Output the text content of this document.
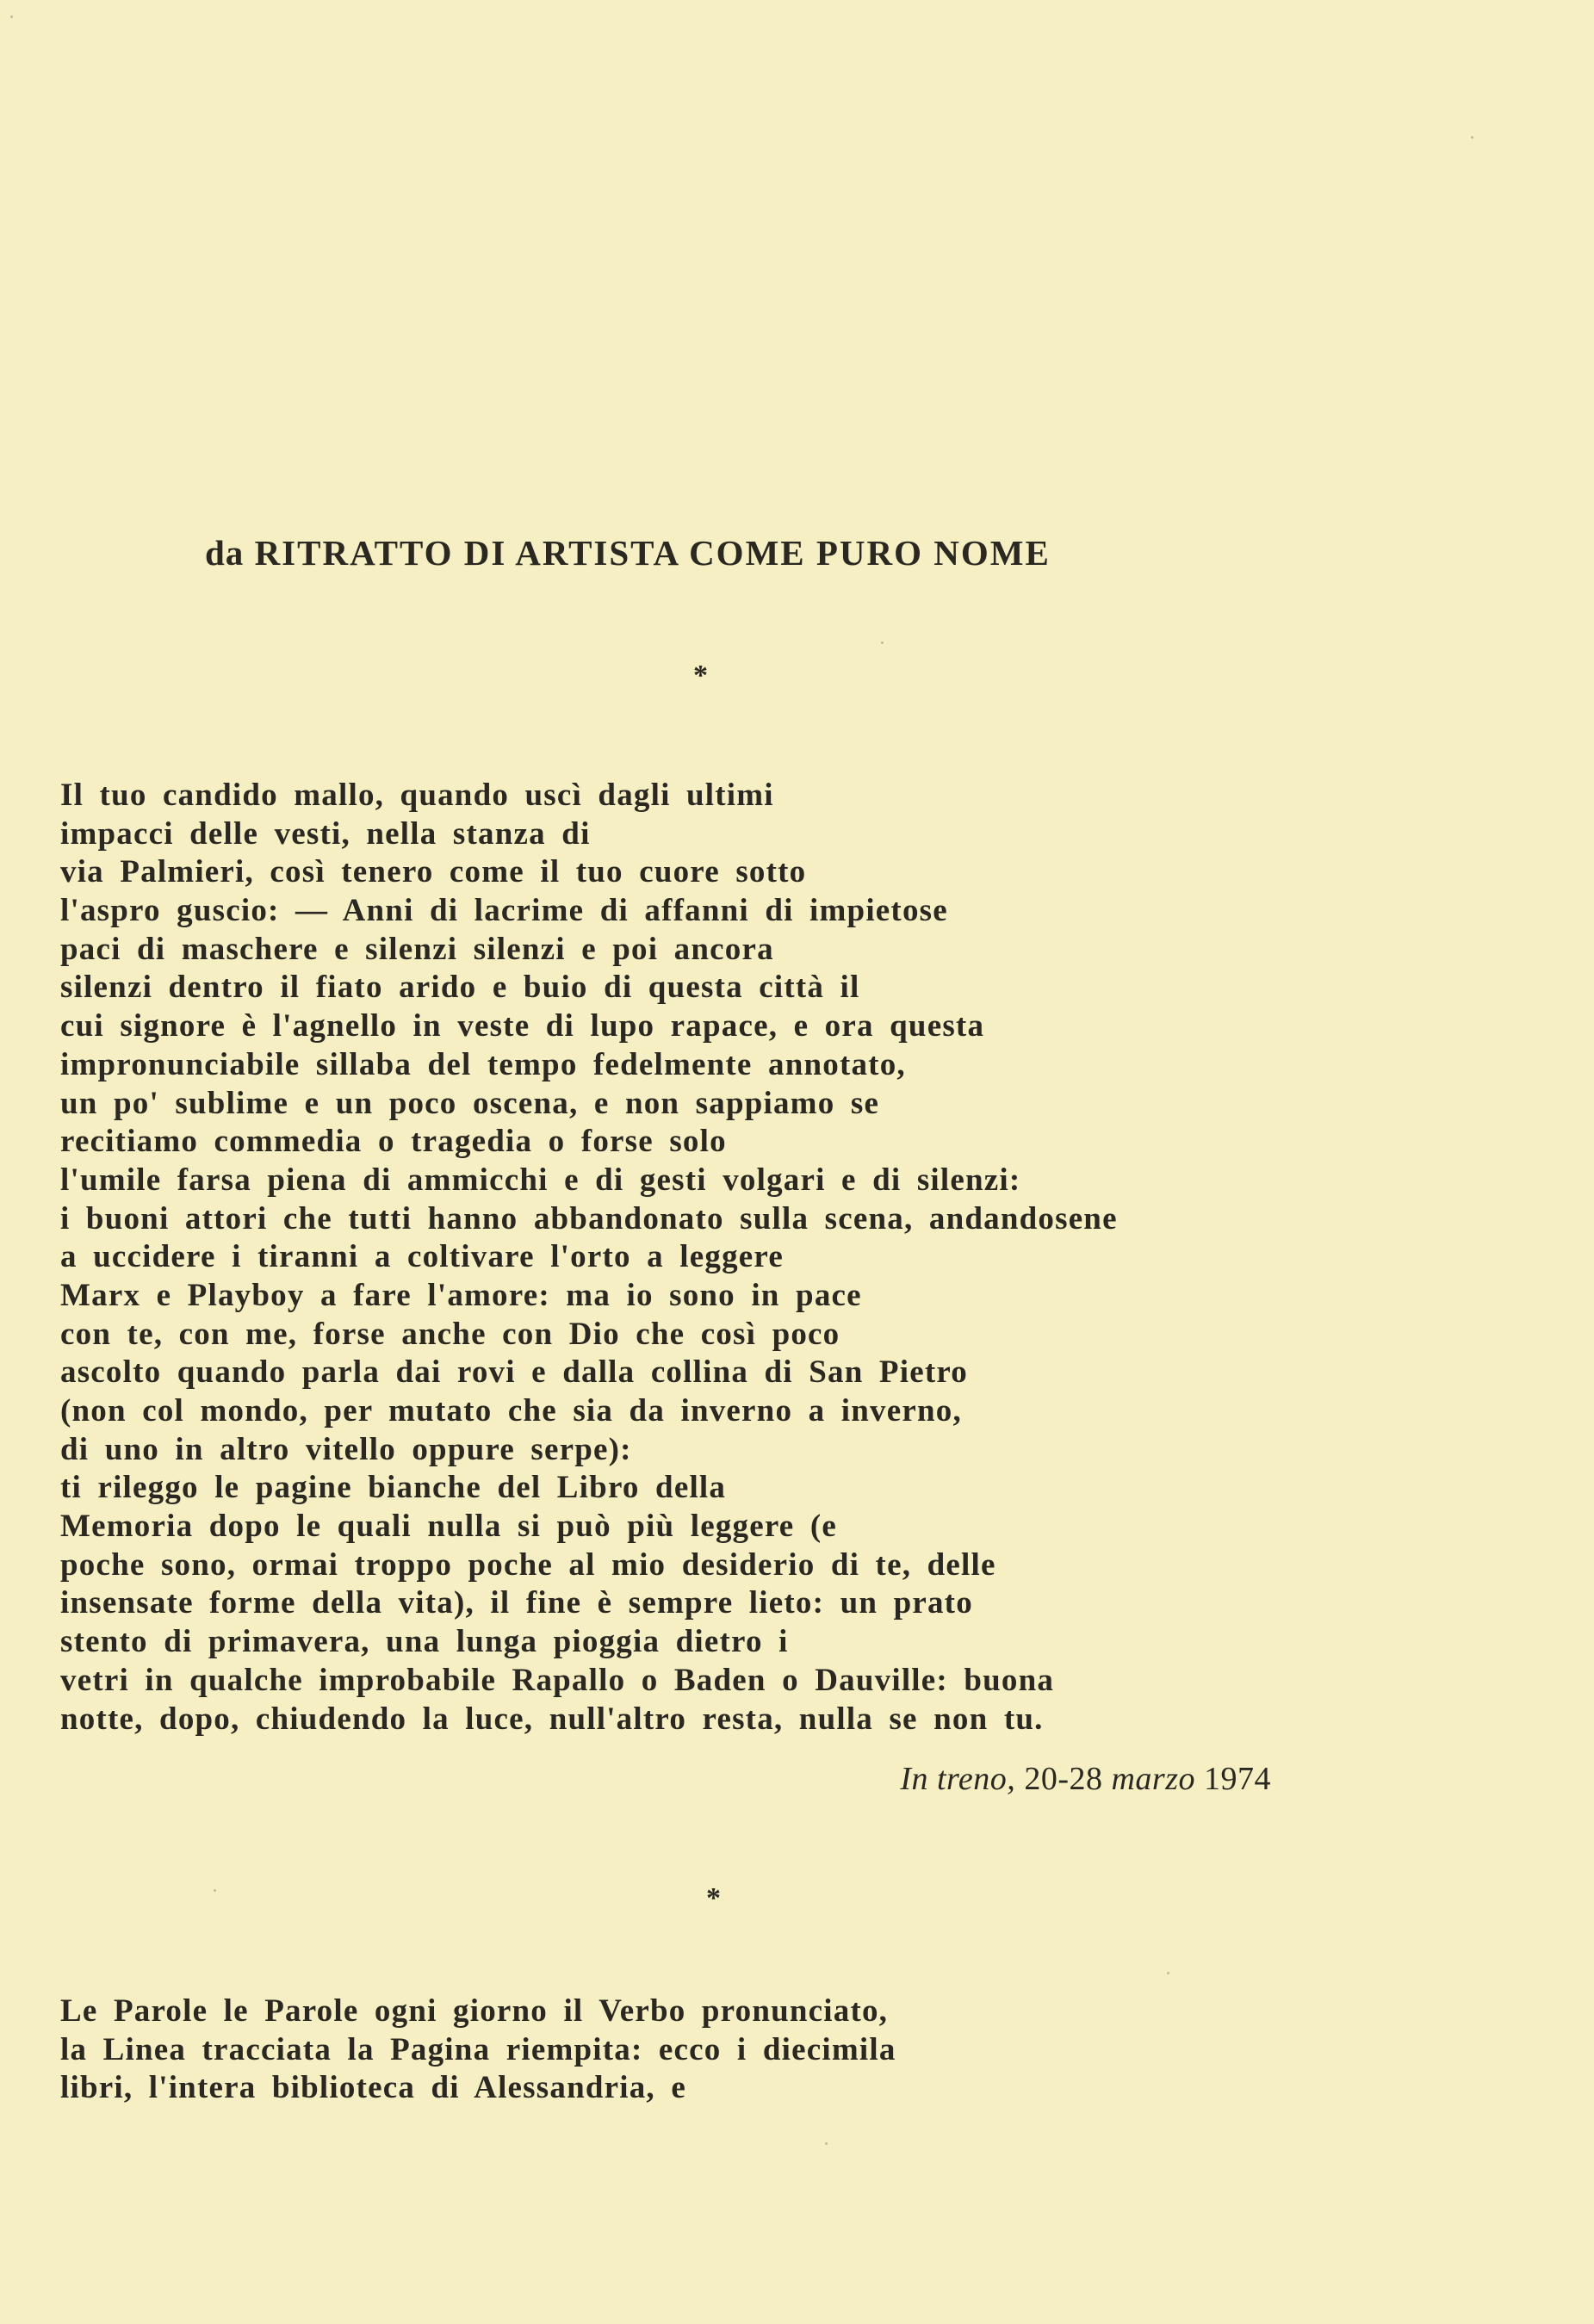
da RITRATTO DI ARTISTA COME PURO NOME
*
Il tuo candido mallo, quando uscì dagli ultimi
impacci delle vesti, nella stanza di
via Palmieri, così tenero come il tuo cuore sotto
l'aspro guscio: — Anni di lacrime di affanni di impietose
paci di maschere e silenzi silenzi e poi ancora
silenzi dentro il fiato arido e buio di questa città il
cui signore è l'agnello in veste di lupo rapace, e ora questa
impronunciabile sillaba del tempo fedelmente annotato,
un po' sublime e un poco oscena, e non sappiamo se
recitiamo commedia o tragedia o forse solo
l'umile farsa piena di ammicchi e di gesti volgari e di silenzi:
i buoni attori che tutti hanno abbandonato sulla scena, andandosene
a uccidere i tiranni a coltivare l'orto a leggere
Marx e Playboy a fare l'amore: ma io sono in pace
con te, con me, forse anche con Dio che così poco
ascolto quando parla dai rovi e dalla collina di San Pietro
(non col mondo, per mutato che sia da inverno a inverno,
di uno in altro vitello oppure serpe):
ti rileggo le pagine bianche del Libro della
Memoria dopo le quali nulla si può più leggere (e
poche sono, ormai troppo poche al mio desiderio di te, delle
insensate forme della vita), il fine è sempre lieto: un prato
stento di primavera, una lunga pioggia dietro i
vetri in qualche improbabile Rapallo o Baden o Dauville: buona
notte, dopo, chiudendo la luce, null'altro resta, nulla se non tu.
In treno, 20-28 marzo 1974
*
Le Parole le Parole ogni giorno il Verbo pronunciato,
la Linea tracciata la Pagina riempita: ecco i diecimila
libri, l'intera biblioteca di Alessandria, e
